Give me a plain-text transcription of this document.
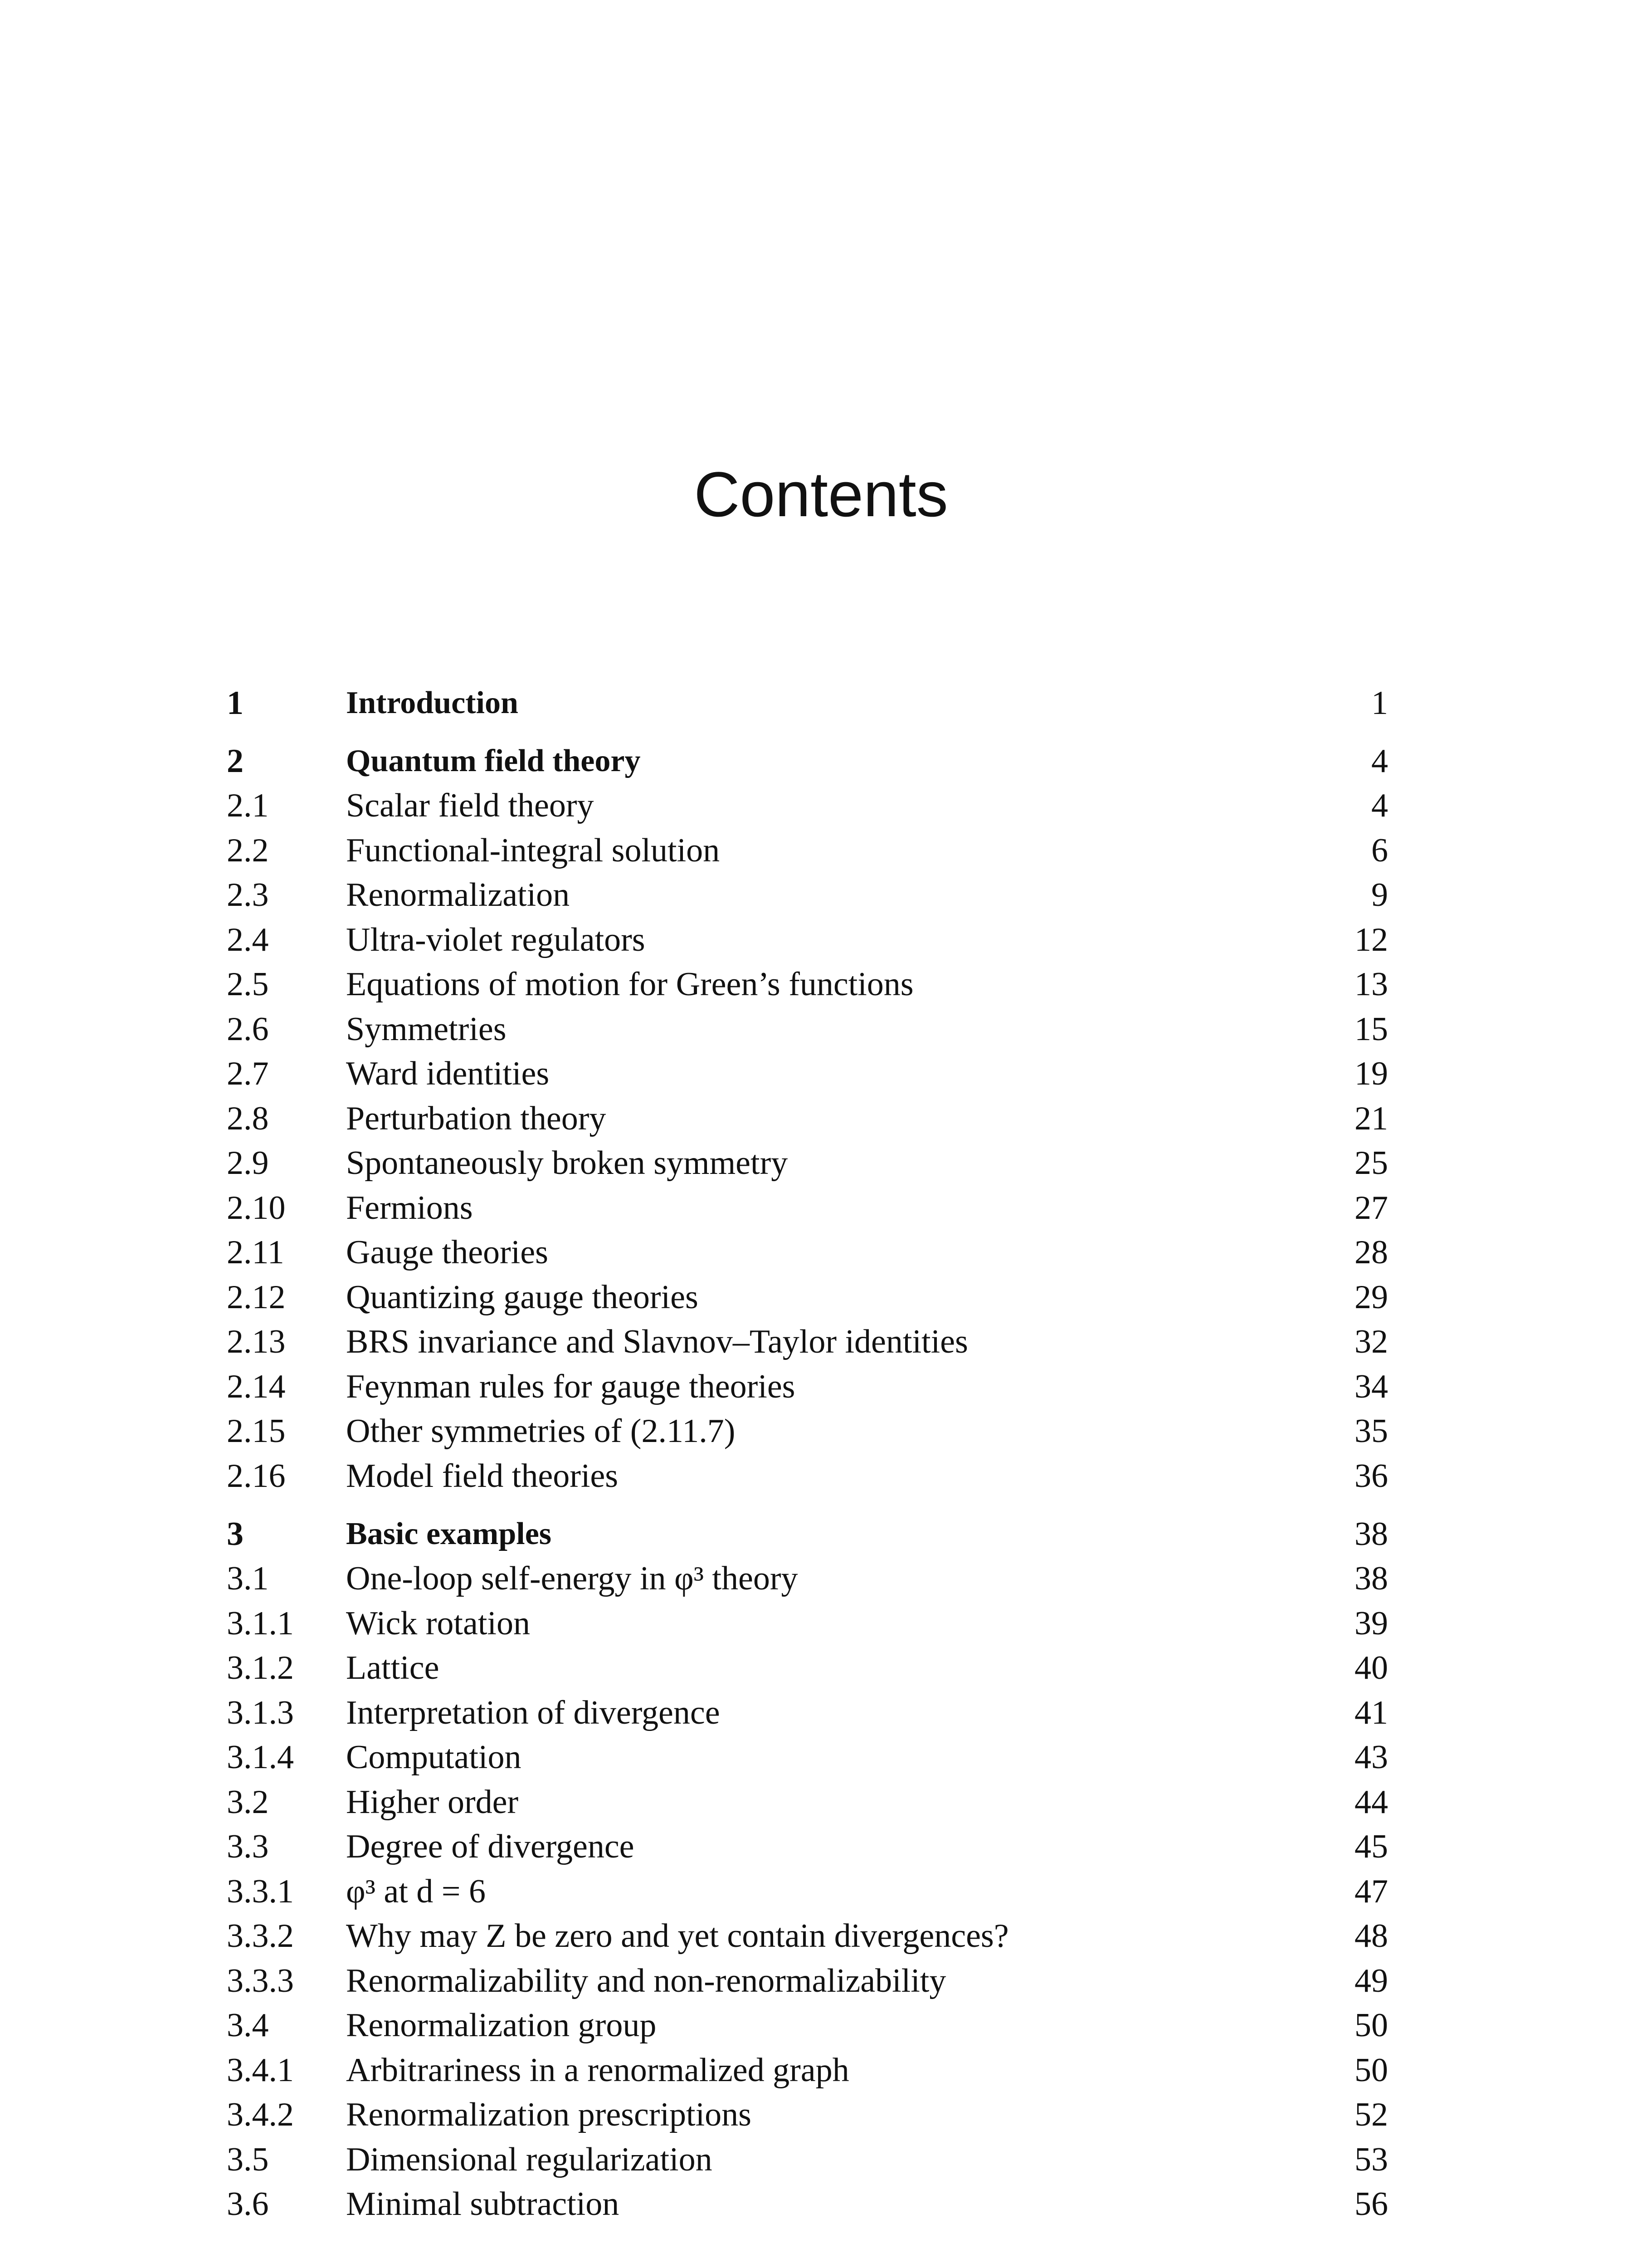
Contents
1	Introduction	1
2	Quantum field theory	4
2.1 Scalar field theory	4
2.2 Functional-integral solution	6
2.3 Renormalization	9
2.4 Ultra-violet regulators	12
2.5 Equations of motion for Green’s functions	13
2.6 Symmetries	15
2.7 Ward identities	19
2.8 Perturbation theory	21
2.9 Spontaneously broken symmetry	25
2.10 Fermions	27
2.11 Gauge theories	28
2.12 Quantizing gauge theories	29
2.13 BRS invariance and Slavnov–Taylor identities	32
2.14 Feynman rules for gauge theories	34
2.15 Other symmetries of (2.11.7)	35
2.16 Model field theories	36
3	Basic examples	38
3.1 One-loop self-energy in φ³ theory	38
3.1.1 Wick rotation	39
3.1.2 Lattice	40
3.1.3 Interpretation of divergence	41
3.1.4 Computation	43
3.2 Higher order	44
3.3 Degree of divergence	45
3.3.1 φ³ at d = 6	47
3.3.2 Why may Z be zero and yet contain divergences?	48
3.3.3 Renormalizability and non-renormalizability	49
3.4 Renormalization group	50
3.4.1 Arbitrariness in a renormalized graph	50
3.4.2 Renormalization prescriptions	52
3.5 Dimensional regularization	53
3.6 Minimal subtraction	56
